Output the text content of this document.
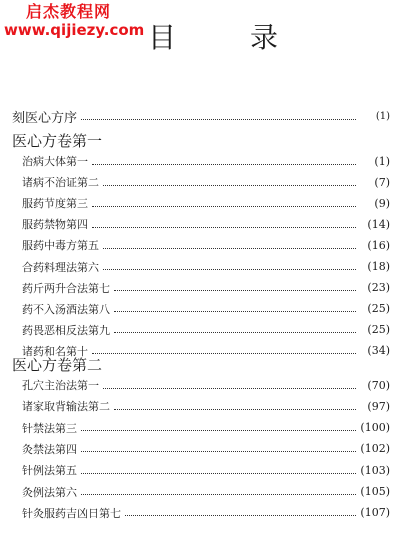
启杰教程网
www.qijiezy.com 目	录
刻医心方序	(1)
医心方卷第一
治病大体第一	(1)
诸病不治证第二	(7)
服药节度第三	(9)
服药禁物第四	(14)
服药中毒方第五	(16)
合药料理法第六	(18)
药斤两升合法第七	(23)
药不入汤酒法第八	(25)
药畏恶相反法第九	(25)
诸药和名第十	(34)
医心方卷第二
孔穴主治法第一	(70)
诸家取背输法第二	(97)
针禁法第三	(100)
灸禁法第四	(102)
针例法第五	(103)
灸例法第六	(105)
针灸服药吉凶日第七	(107)
